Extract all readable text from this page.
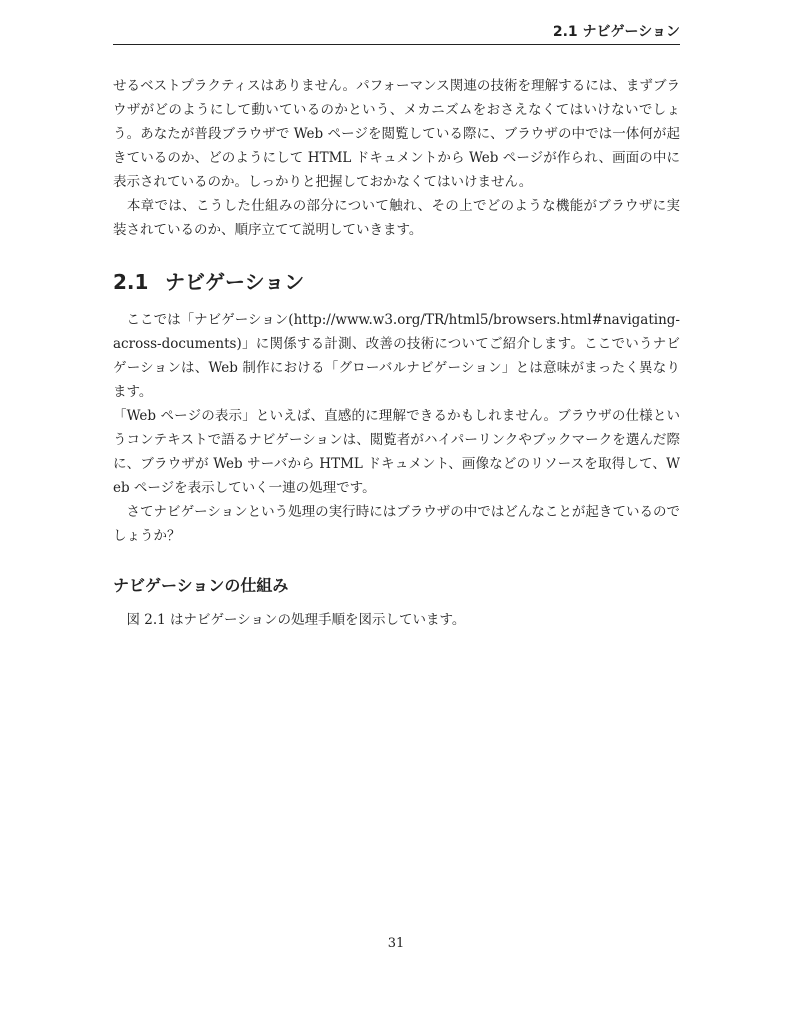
2.1 ナビゲーション

せるベストプラクティスはありません。パフォーマンス関連の技術を理解するには、まずブラウザがどのようにして動いているのかという、メカニズムをおさえなくてはいけないでしょう。あなたが普段ブラウザで Web ページを閲覧している際に、ブラウザの中では一体何が起きているのか、どのようにして HTML ドキュメントから Web ページが作られ、画面の中に表示されているのか。しっかりと把握しておかなくてはいけません。

　本章では、こうした仕組みの部分について触れ、その上でどのような機能がブラウザに実装されているのか、順序立てて説明していきます。

2.1 ナビゲーション

　ここでは「ナビゲーション(http://www.w3.org/TR/html5/browsers.html#navigating-across-documents)」に関係する計測、改善の技術についてご紹介します。ここでいうナビゲーションは、Web 制作における「グローバルナビゲーション」とは意味がまったく異なります。

「Web ページの表示」といえば、直感的に理解できるかもしれません。ブラウザの仕様というコンテキストで語るナビゲーションは、閲覧者がハイパーリンクやブックマークを選んだ際に、ブラウザが Web サーバから HTML ドキュメント、画像などのリソースを取得して、Web ページを表示していく一連の処理です。

　さてナビゲーションという処理の実行時にはブラウザの中ではどんなことが起きているのでしょうか？

ナビゲーションの仕組み

　図 2.1 はナビゲーションの処理手順を図示しています。

31
